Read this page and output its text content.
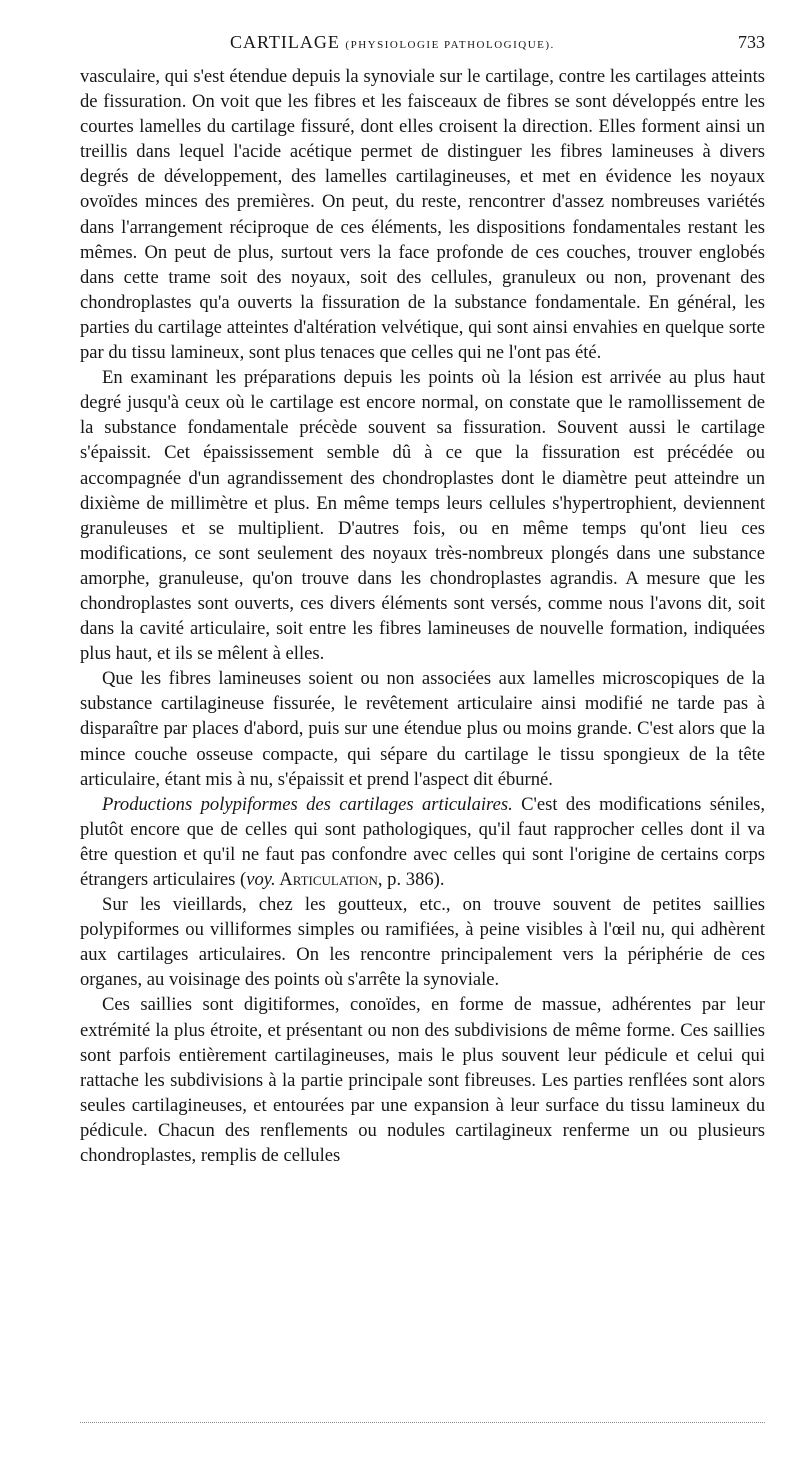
CARTILAGE (PHYSIOLOGIE PATHOLOGIQUE).	733

vasculaire, qui s'est étendue depuis la synoviale sur le cartilage, contre les cartilages atteints de fissuration. On voit que les fibres et les faisceaux de fibres se sont développés entre les courtes lamelles du cartilage fissuré, dont elles croisent la direction. Elles forment ainsi un treillis dans lequel l'acide acétique permet de distinguer les fibres lamineuses à divers degrés de développement, des lamelles cartilagineuses, et met en évidence les noyaux ovoïdes minces des premières. On peut, du reste, rencontrer d'assez nombreuses variétés dans l'arrangement réciproque de ces éléments, les dispositions fondamentales restant les mêmes. On peut de plus, surtout vers la face profonde de ces couches, trouver englobés dans cette trame soit des noyaux, soit des cellules, granuleux ou non, provenant des chondroplastes qu'a ouverts la fissuration de la substance fondamentale. En général, les parties du cartilage atteintes d'altération velvétique, qui sont ainsi envahies en quelque sorte par du tissu lamineux, sont plus tenaces que celles qui ne l'ont pas été.

En examinant les préparations depuis les points où la lésion est arrivée au plus haut degré jusqu'à ceux où le cartilage est encore normal, on constate que le ramollissement de la substance fondamentale précède souvent sa fissuration. Souvent aussi le cartilage s'épaissit. Cet épaississement semble dû à ce que la fissuration est précédée ou accompagnée d'un agrandissement des chondroplastes dont le diamètre peut atteindre un dixième de millimètre et plus. En même temps leurs cellules s'hypertrophient, deviennent granuleuses et se multiplient. D'autres fois, ou en même temps qu'ont lieu ces modifications, ce sont seulement des noyaux très-nombreux plongés dans une substance amorphe, granuleuse, qu'on trouve dans les chondroplastes agrandis. A mesure que les chondroplastes sont ouverts, ces divers éléments sont versés, comme nous l'avons dit, soit dans la cavité articulaire, soit entre les fibres lamineuses de nouvelle formation, indiquées plus haut, et ils se mêlent à elles.

Que les fibres lamineuses soient ou non associées aux lamelles microscopiques de la substance cartilagineuse fissurée, le revêtement articulaire ainsi modifié ne tarde pas à disparaître par places d'abord, puis sur une étendue plus ou moins grande. C'est alors que la mince couche osseuse compacte, qui sépare du cartilage le tissu spongieux de la tête articulaire, étant mis à nu, s'épaissit et prend l'aspect dit éburné.

Productions polypiformes des cartilages articulaires. C'est des modifications séniles, plutôt encore que de celles qui sont pathologiques, qu'il faut rapprocher celles dont il va être question et qu'il ne faut pas confondre avec celles qui sont l'origine de certains corps étrangers articulaires (voy. Articulation, p. 386).

Sur les vieillards, chez les goutteux, etc., on trouve souvent de petites saillies polypiformes ou villiformes simples ou ramifiées, à peine visibles à l'œil nu, qui adhèrent aux cartilages articulaires. On les rencontre principalement vers la périphérie de ces organes, au voisinage des points où s'arrête la synoviale.

Ces saillies sont digitiformes, conoïdes, en forme de massue, adhérentes par leur extrémité la plus étroite, et présentant ou non des subdivisions de même forme. Ces saillies sont parfois entièrement cartilagineuses, mais le plus souvent leur pédicule et celui qui rattache les subdivisions à la partie principale sont fibreuses. Les parties renflées sont alors seules cartilagineuses, et entourées par une expansion à leur surface du tissu lamineux du pédicule. Chacun des renflements ou nodules cartilagineux renferme un ou plusieurs chondroplastes, remplis de cellules
